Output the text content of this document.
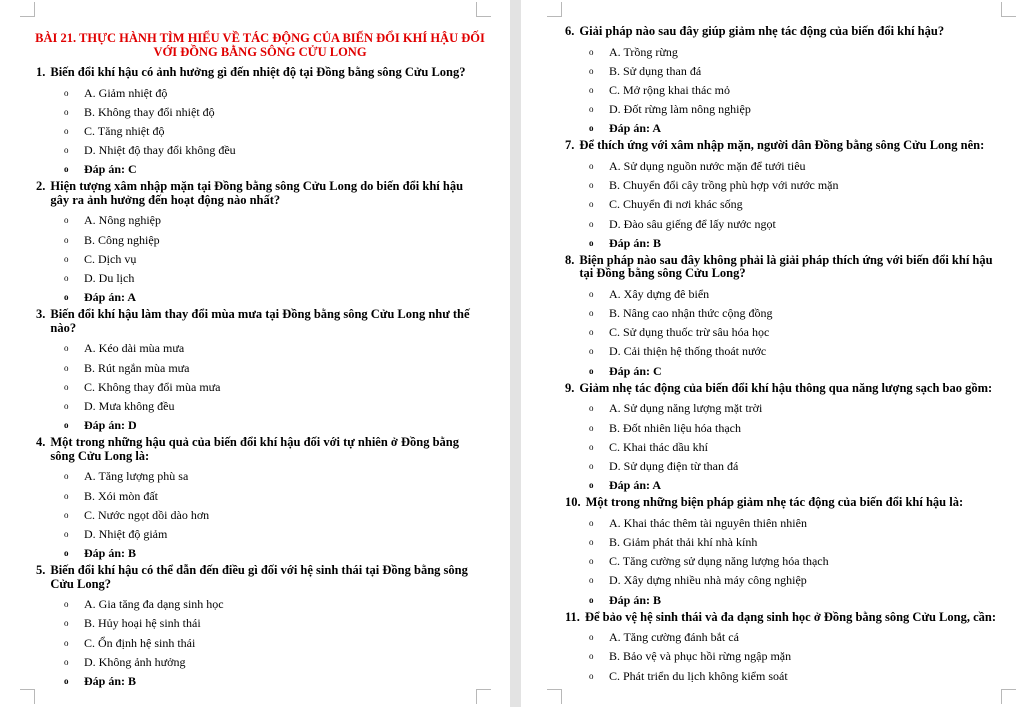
BÀI 21. THỰC HÀNH TÌM HIỂU VỀ TÁC ĐỘNG CỦA BIẾN ĐỔI KHÍ HẬU ĐỐI VỚI ĐỒNG BẰNG SÔNG CỬU LONG
1. Biến đổi khí hậu có ảnh hưởng gì đến nhiệt độ tại Đồng bằng sông Cửu Long?
o A. Giảm nhiệt độ
o B. Không thay đổi nhiệt độ
o C. Tăng nhiệt độ
o D. Nhiệt độ thay đổi không đều
o Đáp án: C
2. Hiện tượng xâm nhập mặn tại Đồng bằng sông Cửu Long do biến đổi khí hậu gây ra ảnh hưởng đến hoạt động nào nhất?
o A. Nông nghiệp
o B. Công nghiệp
o C. Dịch vụ
o D. Du lịch
o Đáp án: A
3. Biến đổi khí hậu làm thay đổi mùa mưa tại Đồng bằng sông Cửu Long như thế nào?
o A. Kéo dài mùa mưa
o B. Rút ngắn mùa mưa
o C. Không thay đổi mùa mưa
o D. Mưa không đều
o Đáp án: D
4. Một trong những hậu quả của biến đổi khí hậu đối với tự nhiên ở Đồng bằng sông Cửu Long là:
o A. Tăng lượng phù sa
o B. Xói mòn đất
o C. Nước ngọt dồi dào hơn
o D. Nhiệt độ giảm
o Đáp án: B
5. Biến đổi khí hậu có thể dẫn đến điều gì đối với hệ sinh thái tại Đồng bằng sông Cửu Long?
o A. Gia tăng đa dạng sinh học
o B. Hủy hoại hệ sinh thái
o C. Ổn định hệ sinh thái
o D. Không ảnh hưởng
o Đáp án: B
6. Giải pháp nào sau đây giúp giảm nhẹ tác động của biến đổi khí hậu?
o A. Trồng rừng
o B. Sử dụng than đá
o C. Mở rộng khai thác mỏ
o D. Đốt rừng làm nông nghiệp
o Đáp án: A
7. Để thích ứng với xâm nhập mặn, người dân Đồng bằng sông Cửu Long nên:
o A. Sử dụng nguồn nước mặn để tưới tiêu
o B. Chuyển đổi cây trồng phù hợp với nước mặn
o C. Chuyển đi nơi khác sống
o D. Đào sâu giếng để lấy nước ngọt
o Đáp án: B
8. Biện pháp nào sau đây không phải là giải pháp thích ứng với biến đổi khí hậu tại Đồng bằng sông Cửu Long?
o A. Xây dựng đê biển
o B. Nâng cao nhận thức cộng đồng
o C. Sử dụng thuốc trừ sâu hóa học
o D. Cải thiện hệ thống thoát nước
o Đáp án: C
9. Giảm nhẹ tác động của biến đổi khí hậu thông qua năng lượng sạch bao gồm:
o A. Sử dụng năng lượng mặt trời
o B. Đốt nhiên liệu hóa thạch
o C. Khai thác dầu khí
o D. Sử dụng điện từ than đá
o Đáp án: A
10. Một trong những biện pháp giảm nhẹ tác động của biến đổi khí hậu là:
o A. Khai thác thêm tài nguyên thiên nhiên
o B. Giảm phát thải khí nhà kính
o C. Tăng cường sử dụng năng lượng hóa thạch
o D. Xây dựng nhiều nhà máy công nghiệp
o Đáp án: B
11. Để bảo vệ hệ sinh thái và đa dạng sinh học ở Đồng bằng sông Cửu Long, cần:
o A. Tăng cường đánh bắt cá
o B. Bảo vệ và phục hồi rừng ngập mặn
o C. Phát triển du lịch không kiểm soát
